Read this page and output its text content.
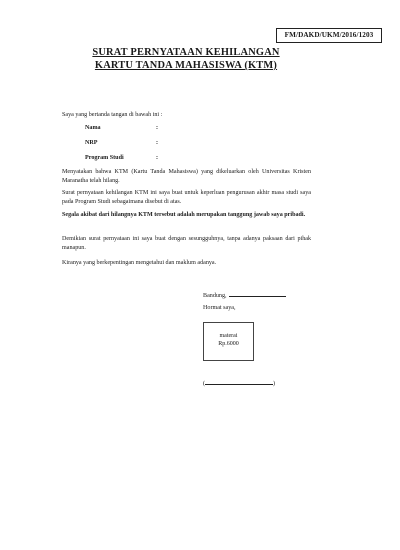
FM/DAKD/UKM/2016/1203
SURAT PERNYATAAN KEHILANGAN
KARTU TANDA MAHASISWA (KTM)
Saya yang bertanda tangan di bawah ini :
Nama	:
NRP	:
Program Studi	:
Menyatakan bahwa KTM (Kartu Tanda Mahasiswa) yang dikeluarkan oleh Universitas Kristen Maranatha telah hilang.
Surat pernyataan kehilangan KTM ini saya buat untuk keperluan pengurusan akhir masa studi saya pada Program Studi sebagaimana disebut di atas.
Segala akibat dari hilangnya KTM tersebut adalah merupakan tanggung jawab saya pribadi.
Demikian surat pernyataan ini saya buat dengan sesungguhnya, tanpa adanya paksaan dari pihak manapun.
Kiranya yang berkepentingan mengetahui dan maklum adanya.
Bandung,
Hormat saya,
materai
Rp.6000
(	)
